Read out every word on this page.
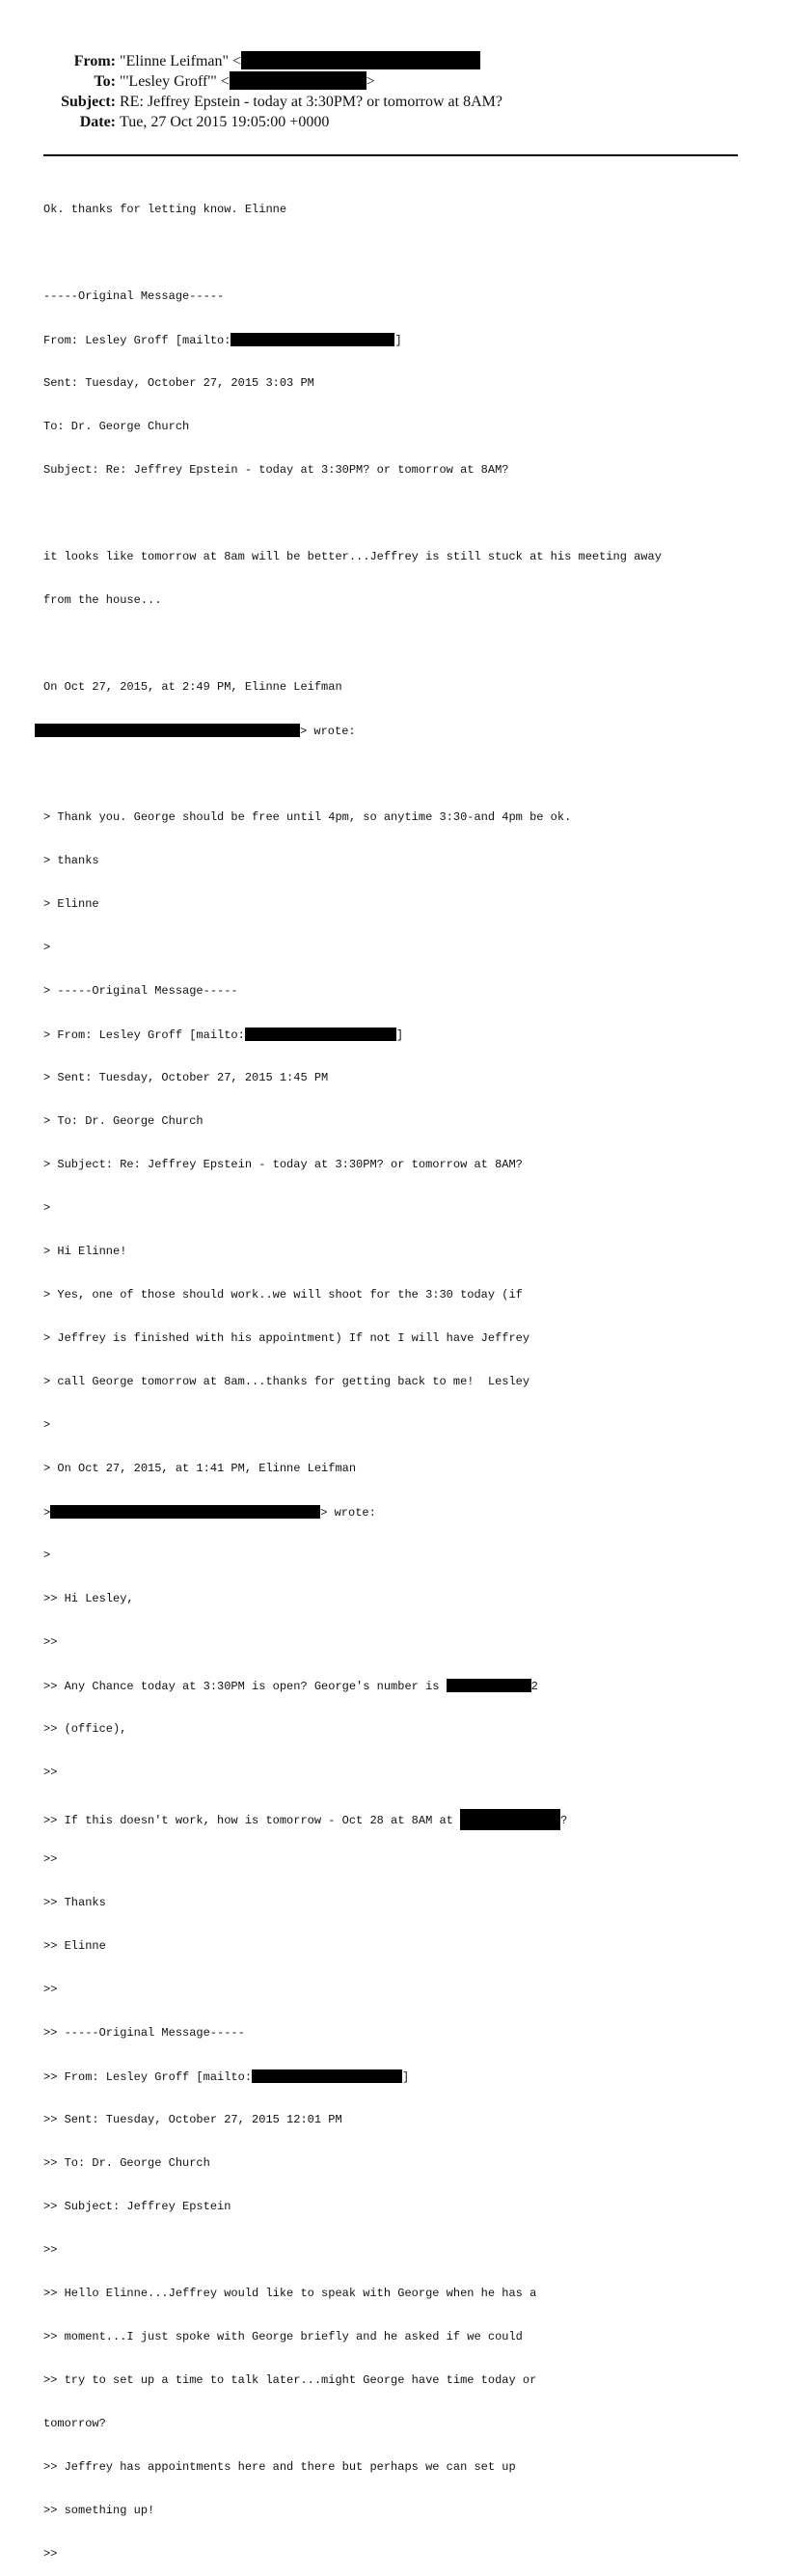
From: "Elinne Leifman" <
To: "'Lesley Groff'" <	>
Subject: RE: Jeffrey Epstein - today at 3:30PM? or tomorrow at 8AM?
Date: Tue, 27 Oct 2015 19:05:00 +0000

Ok. thanks for letting know. Elinne

-----Original Message-----

From: Lesley Groff [mailto:	]

Sent: Tuesday, October 27, 2015 3:03 PM

To: Dr. George Church

Subject: Re: Jeffrey Epstein - today at 3:30PM? or tomorrow at 8AM?

it looks like tomorrow at 8am will be better...Jeffrey is still stuck at his meeting away

from the house...

On Oct 27, 2015, at 2:49 PM, Elinne Leifman

> wrote:

> Thank you. George should be free until 4pm, so anytime 3:30-and 4pm be ok.

> thanks

> Elinne

>

> -----Original Message-----

> From: Lesley Groff [mailto:	]

> Sent: Tuesday, October 27, 2015 1:45 PM

> To: Dr. George Church

> Subject: Re: Jeffrey Epstein - today at 3:30PM? or tomorrow at 8AM?

>

> Hi Elinne!

> Yes, one of those should work..we will shoot for the 3:30 today (if

> Jeffrey is finished with his appointment) If not I will have Jeffrey

> call George tomorrow at 8am...thanks for getting back to me!  Lesley

>

> On Oct 27, 2015, at 1:41 PM, Elinne Leifman

>	> wrote:

>

>> Hi Lesley,

>>

>> Any Chance today at 3:30PM is open? George's number is	2

>> (office),

>>

>> If this doesn't work, how is tomorrow - Oct 28 at 8AM at	?

>>

>> Thanks

>> Elinne

>>

>> -----Original Message-----

>> From: Lesley Groff [mailto:	]

>> Sent: Tuesday, October 27, 2015 12:01 PM

>> To: Dr. George Church

>> Subject: Jeffrey Epstein

>>

>> Hello Elinne...Jeffrey would like to speak with George when he has a

>> moment...I just spoke with George briefly and he asked if we could

>> try to set up a time to talk later...might George have time today or

tomorrow?

>> Jeffrey has appointments here and there but perhaps we can set up

>> something up!

>>
